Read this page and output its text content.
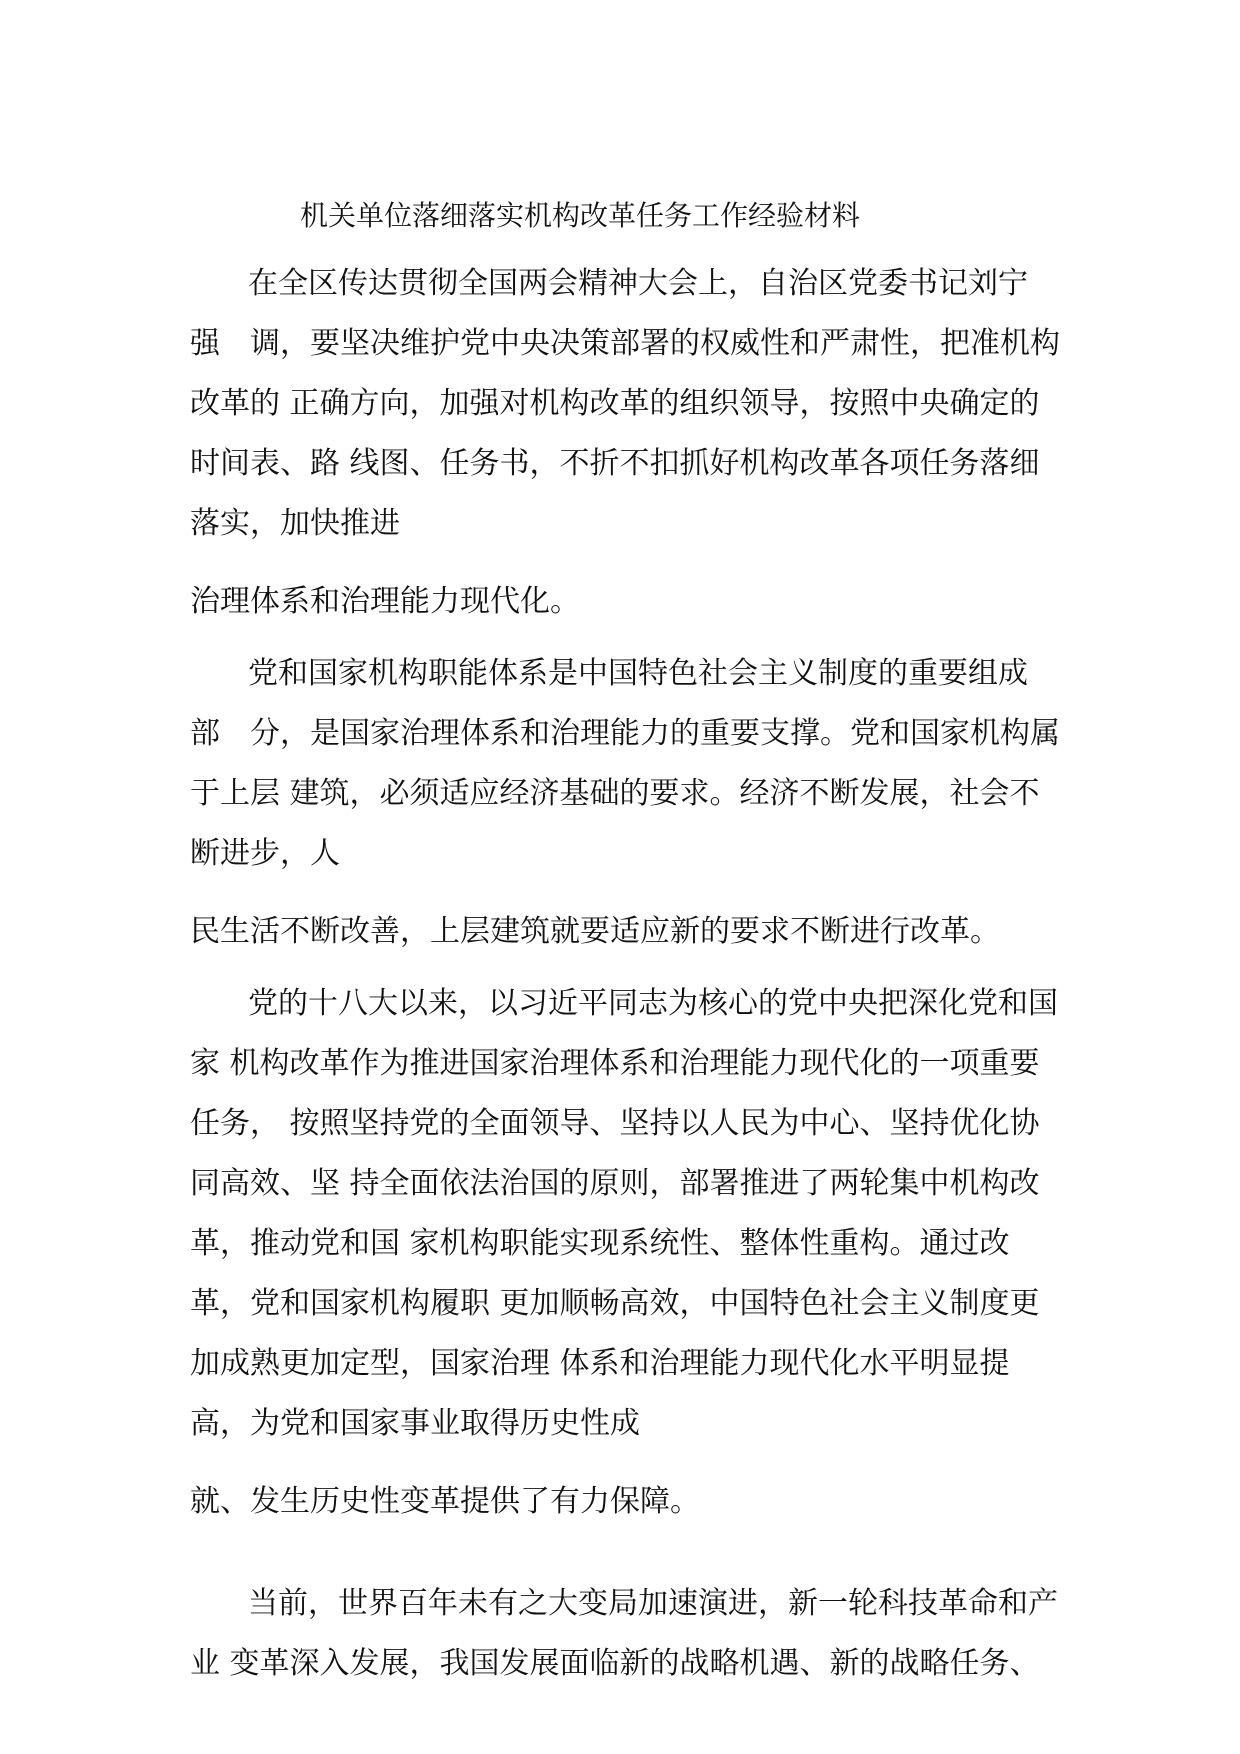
机关单位落细落实机构改革任务工作经验材料
在全区传达贯彻全国两会精神大会上，自治区党委书记刘宁
强　调，要坚决维护党中央决策部署的权威性和严肃性，把准机构
改革的 正确方向，加强对机构改革的组织领导，按照中央确定的
时间表、路 线图、任务书，不折不扣抓好机构改革各项任务落细
落实，加快推进
治理体系和治理能力现代化。
党和国家机构职能体系是中国特色社会主义制度的重要组成
部　分，是国家治理体系和治理能力的重要支撑。党和国家机构属
于上层 建筑，必须适应经济基础的要求。经济不断发展，社会不
断进步，人
民生活不断改善，上层建筑就要适应新的要求不断进行改革。
党的十八大以来，以习近平同志为核心的党中央把深化党和国
家 机构改革作为推进国家治理体系和治理能力现代化的一项重要
任务， 按照坚持党的全面领导、坚持以人民为中心、坚持优化协
同高效、坚 持全面依法治国的原则，部署推进了两轮集中机构改
革，推动党和国 家机构职能实现系统性、整体性重构。通过改
革，党和国家机构履职 更加顺畅高效，中国特色社会主义制度更
加成熟更加定型，国家治理 体系和治理能力现代化水平明显提
高，为党和国家事业取得历史性成
就、发生历史性变革提供了有力保障。
当前，世界百年未有之大变局加速演进，新一轮科技革命和产
业 变革深入发展，我国发展面临新的战略机遇、新的战略任务、
